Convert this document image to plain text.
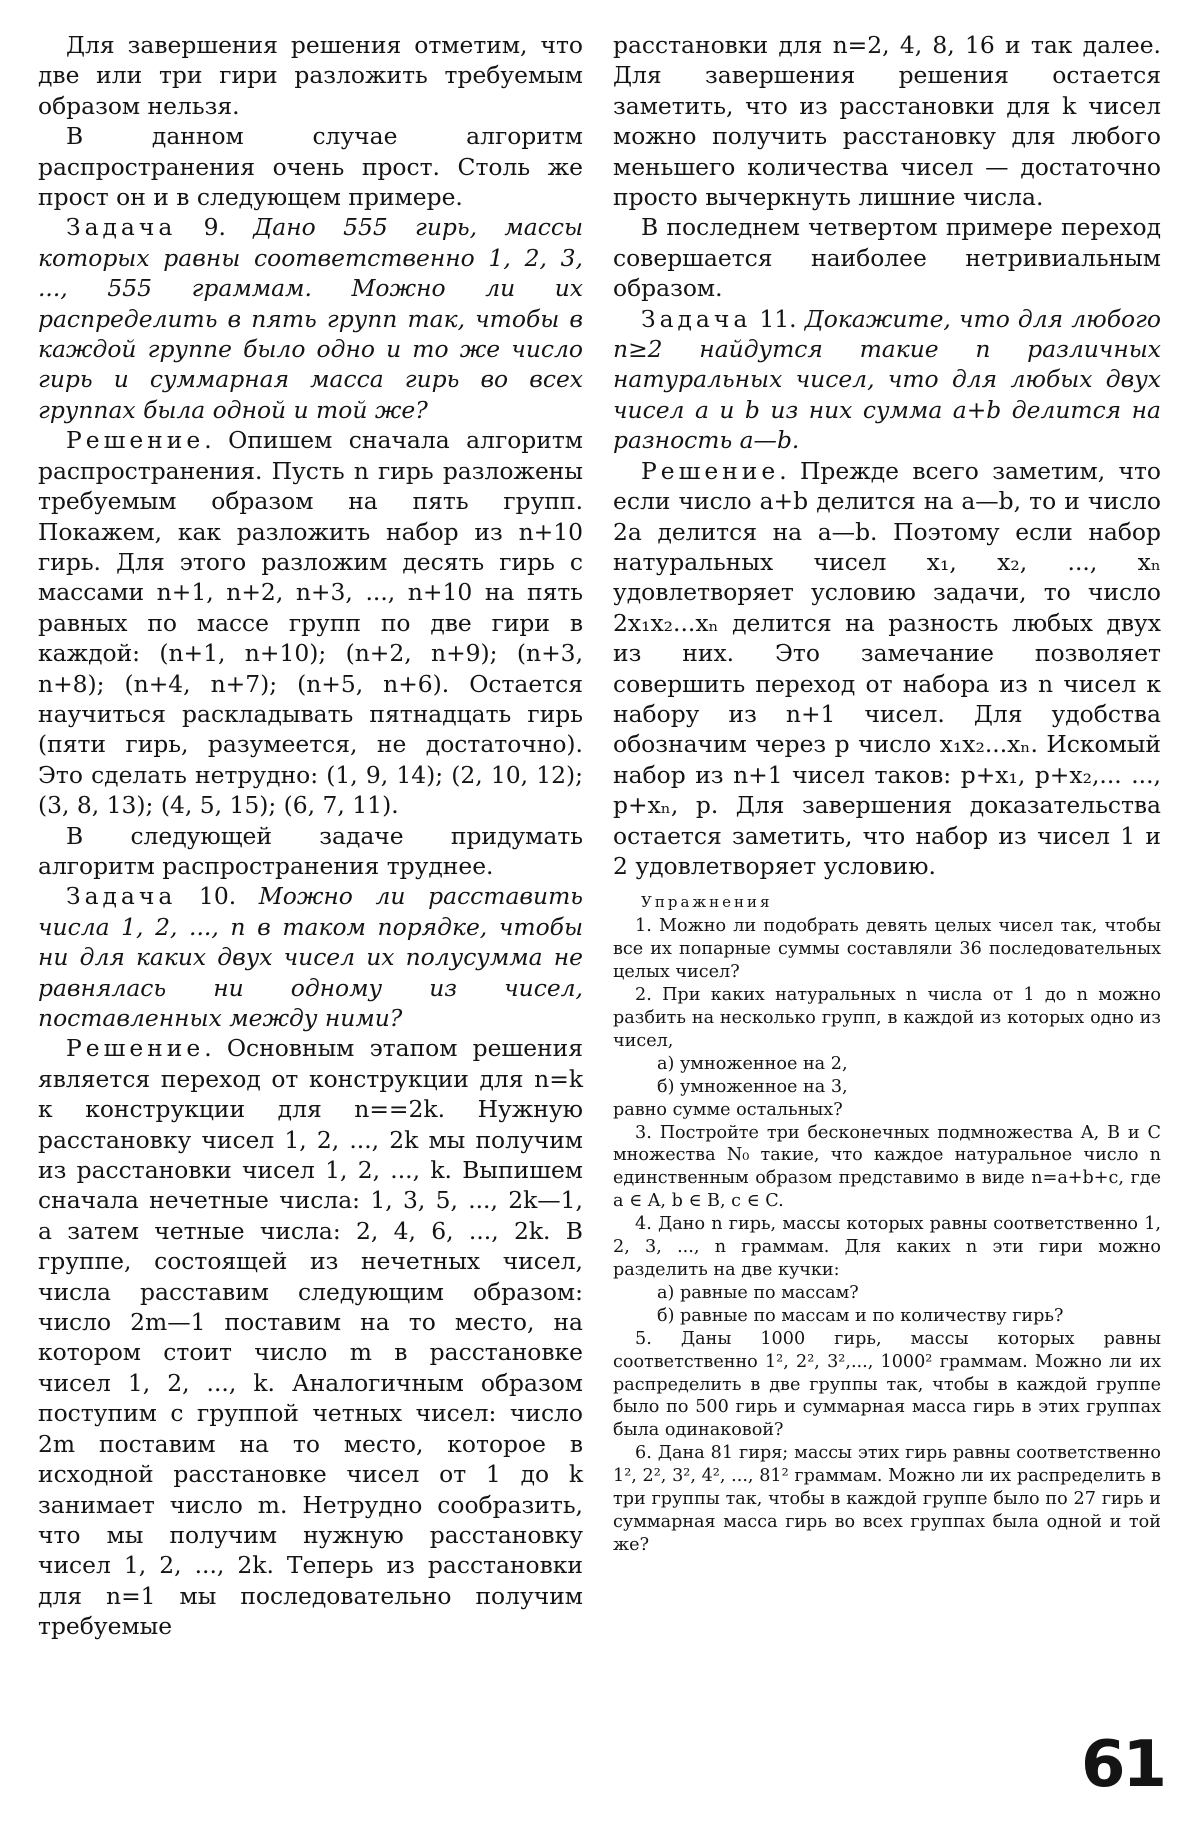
Для завершения решения отметим, что две или три гири разложить требуемым образом нельзя.

В данном случае алгоритм распространения очень прост. Столь же прост он и в следующем примере.

Задача 9. Дано 555 гирь, массы которых равны соответственно 1, 2, 3, ..., 555 граммам. Можно ли их распределить в пять групп так, чтобы в каждой группе было одно и то же число гирь и суммарная масса гирь во всех группах была одной и той же?

Решение. Опишем сначала алгоритм распространения. Пусть n гирь разложены требуемым образом на пять групп. Покажем, как разложить набор из n+10 гирь. Для этого разложим десять гирь с массами n+1, n+2, n+3, ..., n+10 на пять равных по массе групп по две гири в каждой: (n+1, n+10); (n+2, n+9); (n+3, n+8); (n+4, n+7); (n+5, n+6). Остается научиться раскладывать пятнадцать гирь (пяти гирь, разумеется, не достаточно). Это сделать нетрудно: (1, 9, 14); (2, 10, 12); (3, 8, 13); (4, 5, 15); (6, 7, 11).

В следующей задаче придумать алгоритм распространения труднее.

Задача 10. Можно ли расставить числа 1, 2, ..., n в таком порядке, чтобы ни для каких двух чисел их полусумма не равнялась ни одному из чисел, поставленных между ними?

Решение. Основным этапом решения является переход от конструкции для n=k к конструкции для n==2k. Нужную расстановку чисел 1, 2, ..., 2k мы получим из расстановки чисел 1, 2, ..., k. Выпишем сначала нечетные числа: 1, 3, 5, ..., 2k—1, а затем четные числа: 2, 4, 6, ..., 2k. В группе, состоящей из нечетных чисел, числа расставим следующим образом: число 2m—1 поставим на то место, на котором стоит число m в расстановке чисел 1, 2, ..., k. Аналогичным образом поступим с группой четных чисел: число 2m поставим на то место, которое в исходной расстановке чисел от 1 до k занимает число m. Нетрудно сообразить, что мы получим нужную расстановку чисел 1, 2, ..., 2k. Теперь из расстановки для n=1 мы последовательно получим требуемые

расстановки для n=2, 4, 8, 16 и так далее. Для завершения решения остается заметить, что из расстановки для k чисел можно получить расстановку для любого меньшего количества чисел — достаточно просто вычеркнуть лишние числа.

В последнем четвертом примере переход совершается наиболее нетривиальным образом.

Задача 11. Докажите, что для любого n≥2 найдутся такие n различных натуральных чисел, что для любых двух чисел a и b из них сумма a+b делится на разность a—b.

Решение. Прежде всего заметим, что если число a+b делится на a—b, то и число 2a делится на a—b. Поэтому если набор натуральных чисел x₁, x₂, ..., xₙ удовлетворяет условию задачи, то число 2x₁x₂...xₙ делится на разность любых двух из них. Это замечание позволяет совершить переход от набора из n чисел к набору из n+1 чисел. Для удобства обозначим через p число x₁x₂...xₙ. Искомый набор из n+1 чисел таков: p+x₁, p+x₂,... ..., p+xₙ, p. Для завершения доказательства остается заметить, что набор из чисел 1 и 2 удовлетворяет условию.

Упражнения

1. Можно ли подобрать девять целых чисел так, чтобы все их попарные суммы составляли 36 последовательных целых чисел?

2. При каких натуральных n числа от 1 до n можно разбить на несколько групп, в каждой из которых одно из чисел,

а) умноженное на 2,

б) умноженное на 3,

равно сумме остальных?

3. Постройте три бесконечных подмножества A, B и C множества N₀ такие, что каждое натуральное число n единственным образом представимо в виде n=a+b+c, где a ∈ A, b ∈ B, c ∈ C.

4. Дано n гирь, массы которых равны соответственно 1, 2, 3, ..., n граммам. Для каких n эти гири можно разделить на две кучки:

а) равные по массам?

б) равные по массам и по количеству гирь?

5. Даны 1000 гирь, массы которых равны соответственно 1², 2², 3²,..., 1000² граммам. Можно ли их распределить в две группы так, чтобы в каждой группе было по 500 гирь и суммарная масса гирь в этих группах была одинаковой?

6. Дана 81 гиря; массы этих гирь равны соответственно 1², 2², 3², 4², ..., 81² граммам. Можно ли их распределить в три группы так, чтобы в каждой группе было по 27 гирь и суммарная масса гирь во всех группах была одной и той же?

61
